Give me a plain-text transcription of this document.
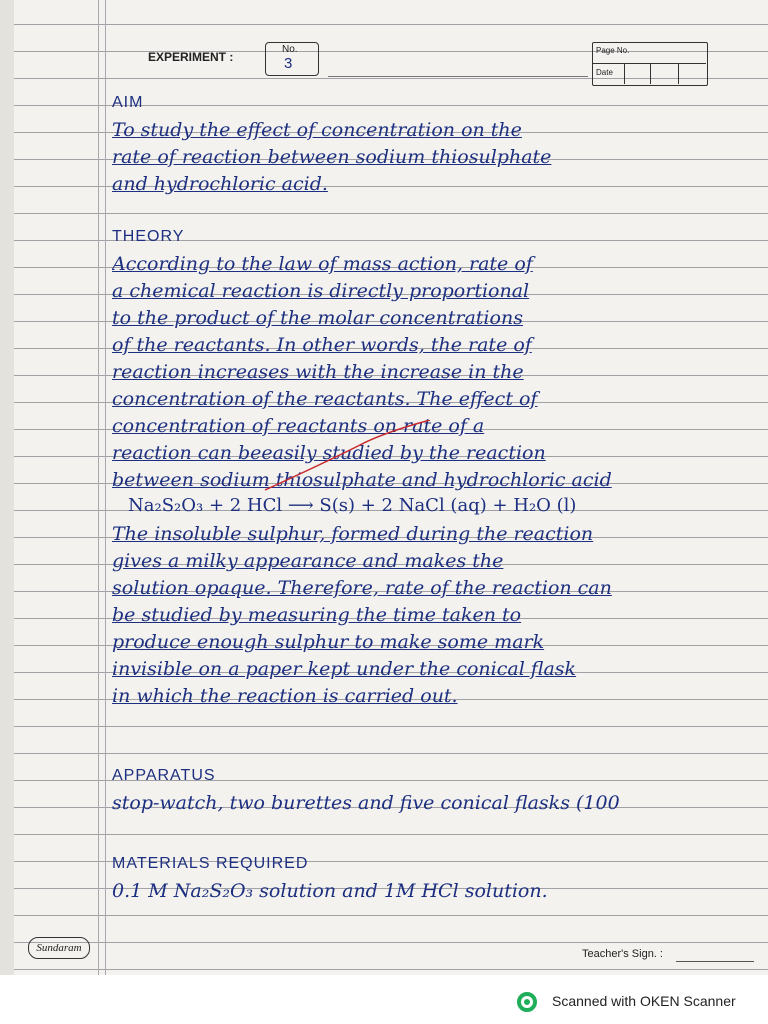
EXPERIMENT :
No.
3
Page No.
Date
AIM
To study the effect of concentration on the
rate of reaction between sodium thiosulphate
and hydrochloric acid.
THEORY
According to the law of mass action, rate of
a chemical reaction is directly proportional
to the product of the molar concentrations
of the reactants. In other words, the rate of
reaction increases with the increase in the
concentration of the reactants. The effect of
concentration of reactants on rate of a
reaction can beeasily studied by the reaction
between sodium thiosulphate and hydrochloric acid
Na₂S₂O₃ + 2 HCl ⟶ S(s) + 2 NaCl (aq) + H₂O (l)
The insoluble sulphur, formed during the reaction
gives a milky appearance and makes the
solution opaque. Therefore, rate of the reaction can
be studied by measuring the time taken to
produce enough sulphur to make some mark
invisible on a paper kept under the conical flask
in which the reaction is carried out.
APPARATUS
stop-watch, two burettes and five conical flasks (100
MATERIALS REQUIRED
0.1 M Na₂S₂O₃ solution and 1M HCl solution.
Sundaram	Teacher's Sign. :
Scanned with OKEN Scanner
